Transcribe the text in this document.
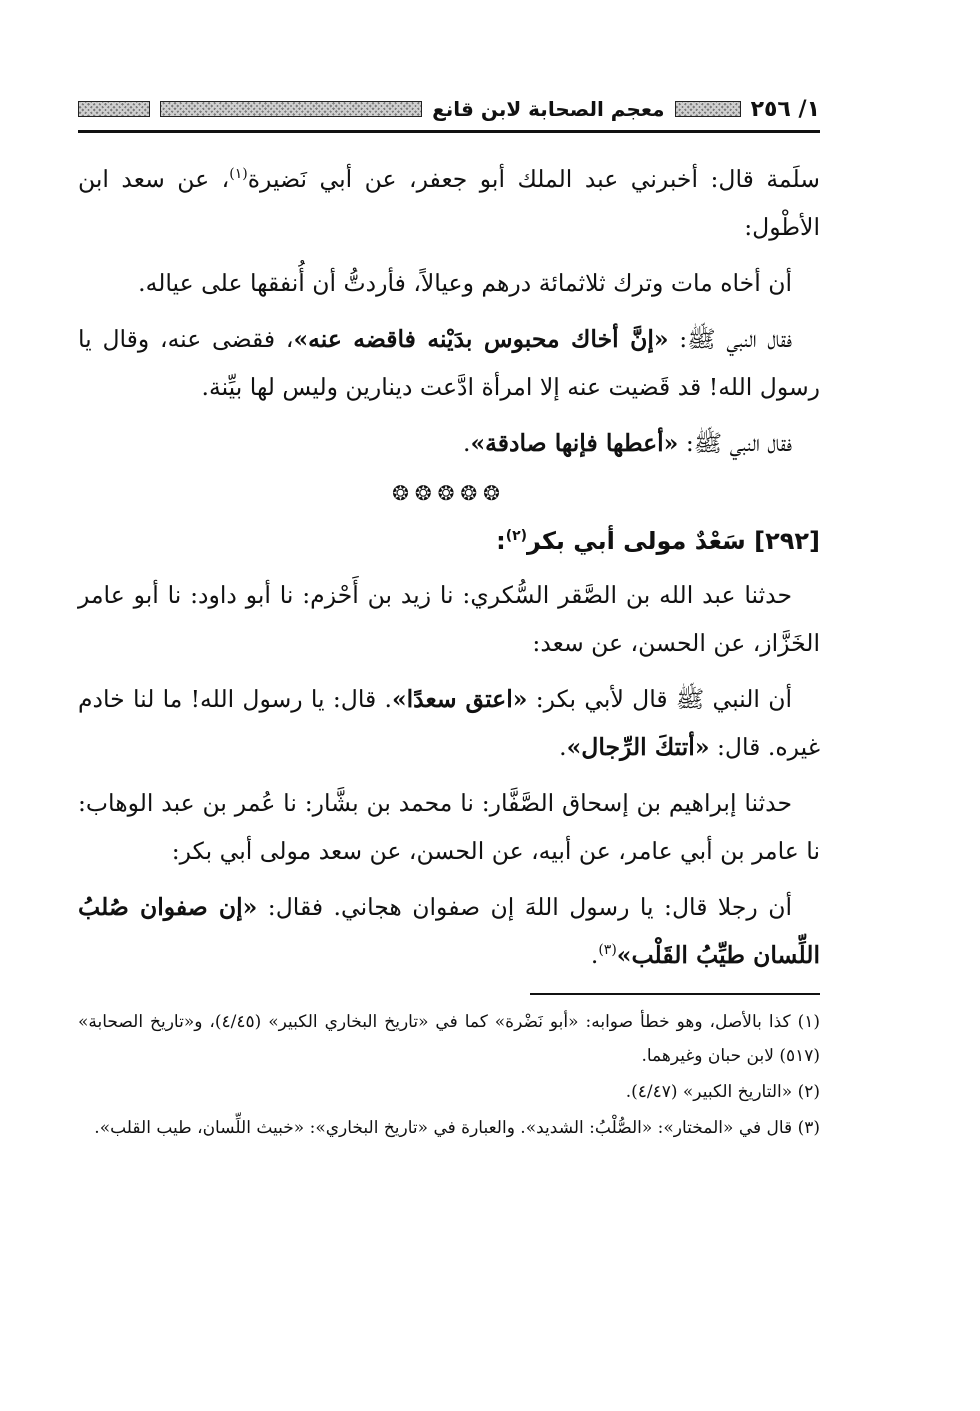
١/ ٢٥٦
معجم الصحابة لابن قانع

سلَمة قال: أخبرني عبد الملك أبو جعفر، عن أبي نَضيرة$^{(١)}$، عن سعد ابن الأطْول:

أن أخاه مات وترك ثلاثمائة درهم وعيالاً، فأردتُّ أن أُنفقها على عياله.

فقال النبي ﷺ: «إنَّ أخاك محبوس بدَيْنه فاقضه عنه»، فقضى عنه، وقال يا رسول الله! قد قَضيت عنه إلا امرأة ادَّعت دينارين وليس لها بيِّنة.

فقال النبي ﷺ: «أعطها فإنها صادقة».

❂❂❂❂❂

[٢٩٢] سَعْدٌ مولى أبي بكر$^{(٢)}$:

حدثنا عبد الله بن الصَّقر السُّكري: نا زيد بن أَحْزم: نا أبو داود: نا أبو عامر الخَزَّاز، عن الحسن، عن سعد:

أن النبي ﷺ قال لأبي بكر: «اعتق سعدًا». قال: يا رسول الله! ما لنا خادم غيره. قال: «أتتكَ الرِّجال».

حدثنا إبراهيم بن إسحاق الصَّفَّار: نا محمد بن بشَّار: نا عُمر بن عبد الوهاب: نا عامر بن أبي عامر، عن أبيه، عن الحسن، عن سعد مولى أبي بكر:

أن رجلا قال: يا رسول اللهَ إن صفوان هجاني. فقال: «إن صفوان صُلبُ اللِّسان طيِّبُ القَلْب»$^{(٣)}$.

(١) كذا بالأصل، وهو خطأ صوابه: «أبو نَضْرة» كما في «تاريخ البخاري الكبير» (٤/٤٥)، و«تاريخ الصحابة» (٥١٧) لابن حبان وغيرهما.

(٢) «التاريخ الكبير» (٤/٤٧).

(٣) قال في «المختار»: «الصُّلْبُ: الشديد». والعبارة في «تاريخ البخاري»: «خبيث اللِّسان، طيب القلب».
